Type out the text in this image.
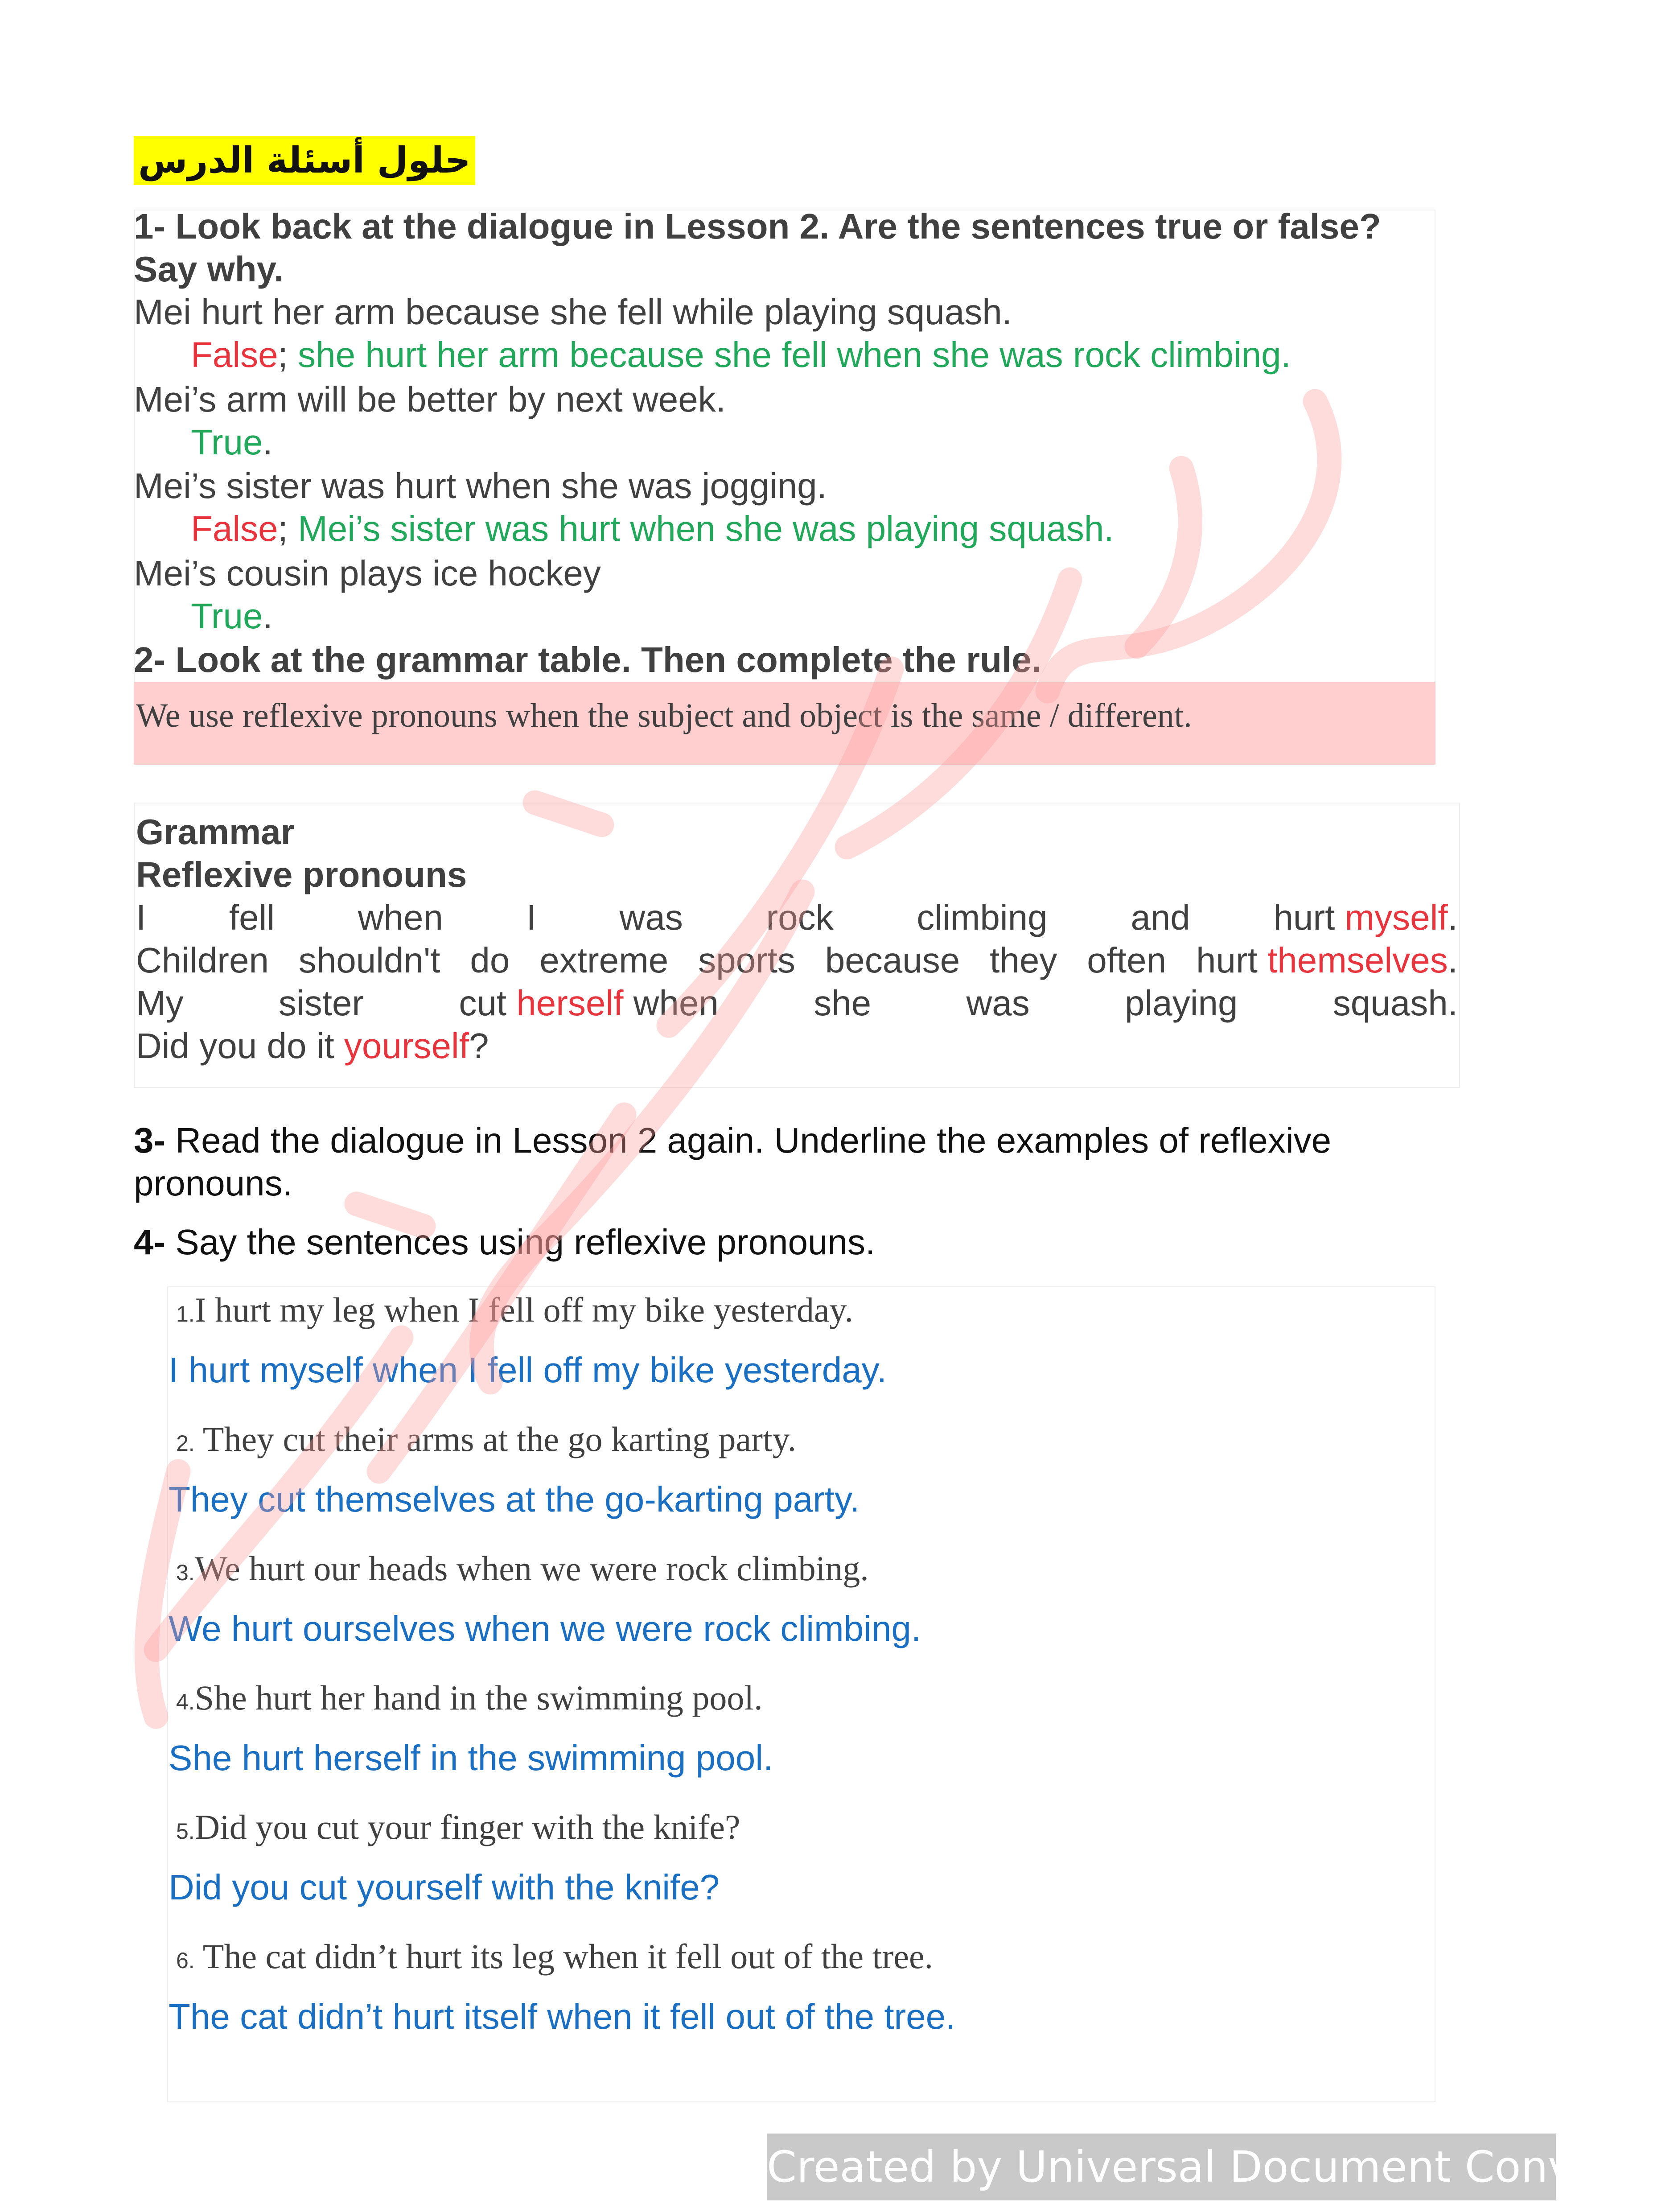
حلول أسئلة الدرس
1- Look back at the dialogue in Lesson 2. Are the sentences true or false?
Say why.
Mei hurt her arm because she fell while playing squash.
False; she hurt her arm because she fell when she was rock climbing.
Mei’s arm will be better by next week.
True.
Mei’s sister was hurt when she was jogging.
False; Mei’s sister was hurt when she was playing squash.
Mei’s cousin plays ice hockey
True.
2- Look at the grammar table. Then complete the rule.
We use reflexive pronouns when the subject and object is the same / different.
Grammar
Reflexive pronouns
I fell when I was rock climbing and hurt myself.
Children shouldn't do extreme sports because they often hurt themselves.
My	sister	cut herself when	she	was	playing	squash.
Did you do it yourself?
3- Read the dialogue in Lesson 2 again. Underline the examples of reflexive
pronouns.
4- Say the sentences using reflexive pronouns.
1.I hurt my leg when I fell off my bike yesterday.
I hurt myself when I fell off my bike yesterday.
2. They cut their arms at the go karting party.
They cut themselves at the go-karting party.
3.We hurt our heads when we were rock climbing.
We hurt ourselves when we were rock climbing.
4.She hurt her hand in the swimming pool.
She hurt herself in the swimming pool.
5.Did you cut your finger with the knife?
Did you cut yourself with the knife?
6. The cat didn’t hurt its leg when it fell out of the tree.
The cat didn’t hurt itself when it fell out of the tree.
Created by Universal Document Converter
